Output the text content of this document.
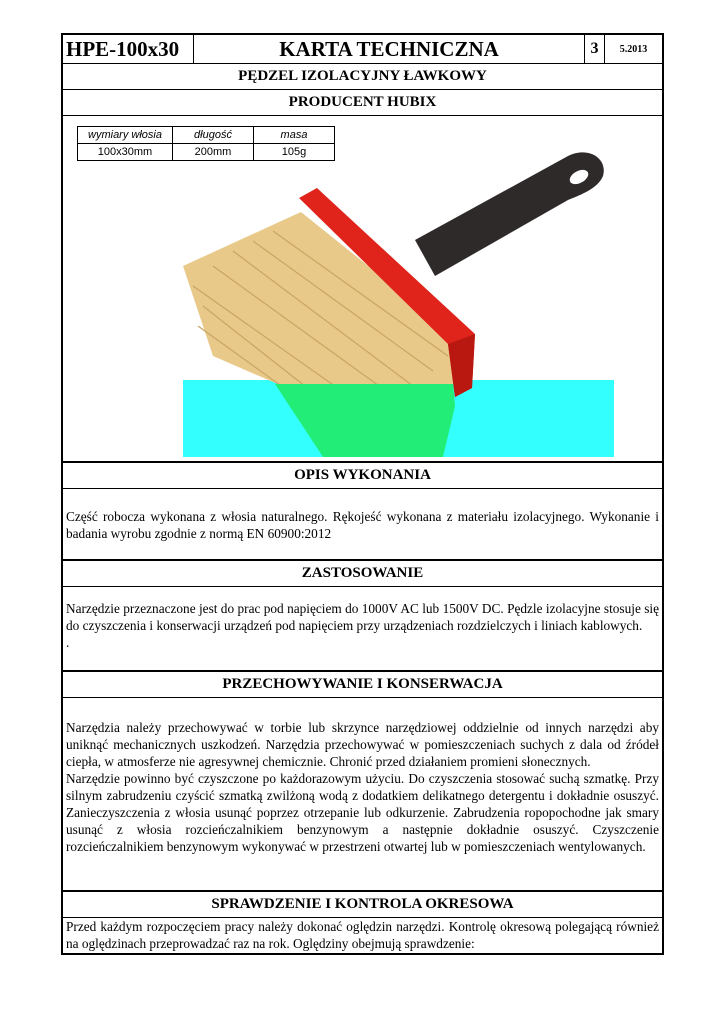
HPE-100x30	KARTA TECHNICZNA	3	5.2013
PĘDZEL IZOLACYJNY ŁAWKOWY
PRODUCENT HUBIX
wymiary włosia	długość	masa
100x30mm	200mm	105g
OPIS WYKONANIA

Część robocza wykonana z włosia naturalnego. Rękojeść wykonana z materiału izolacyjnego. Wykonanie i badania wyrobu zgodnie z normą EN 60900:2012

ZASTOSOWANIE

Narzędzie przeznaczone jest do prac pod napięciem do 1000V AC lub 1500V DC. Pędzle izolacyjne stosuje się do czyszczenia i konserwacji urządzeń pod napięciem przy urządzeniach rozdzielczych i liniach kablowych.

.

PRZECHOWYWANIE I KONSERWACJA

Narzędzia należy przechowywać w torbie lub skrzynce narzędziowej oddzielnie od innych narzędzi aby uniknąć mechanicznych uszkodzeń. Narzędzia przechowywać w pomieszczeniach suchych z dala od źródeł ciepła, w atmosferze nie agresywnej chemicznie. Chronić przed działaniem promieni słonecznych.

Narzędzie powinno być czyszczone po każdorazowym użyciu. Do czyszczenia stosować suchą szmatkę. Przy silnym zabrudzeniu czyścić szmatką zwilżoną wodą z dodatkiem delikatnego detergentu i dokładnie osuszyć. Zanieczyszczenia z włosia usunąć poprzez otrzepanie lub odkurzenie. Zabrudzenia ropopochodne jak smary usunąć z włosia rozcieńczalnikiem benzynowym a następnie dokładnie osuszyć. Czyszczenie rozcieńczalnikiem benzynowym wykonywać w przestrzeni otwartej lub w pomieszczeniach wentylowanych.

SPRAWDZENIE I KONTROLA OKRESOWA

Przed każdym rozpoczęciem pracy należy dokonać oględzin narzędzi. Kontrolę okresową polegającą również na oględzinach przeprowadzać raz na rok. Oględziny obejmują sprawdzenie:
